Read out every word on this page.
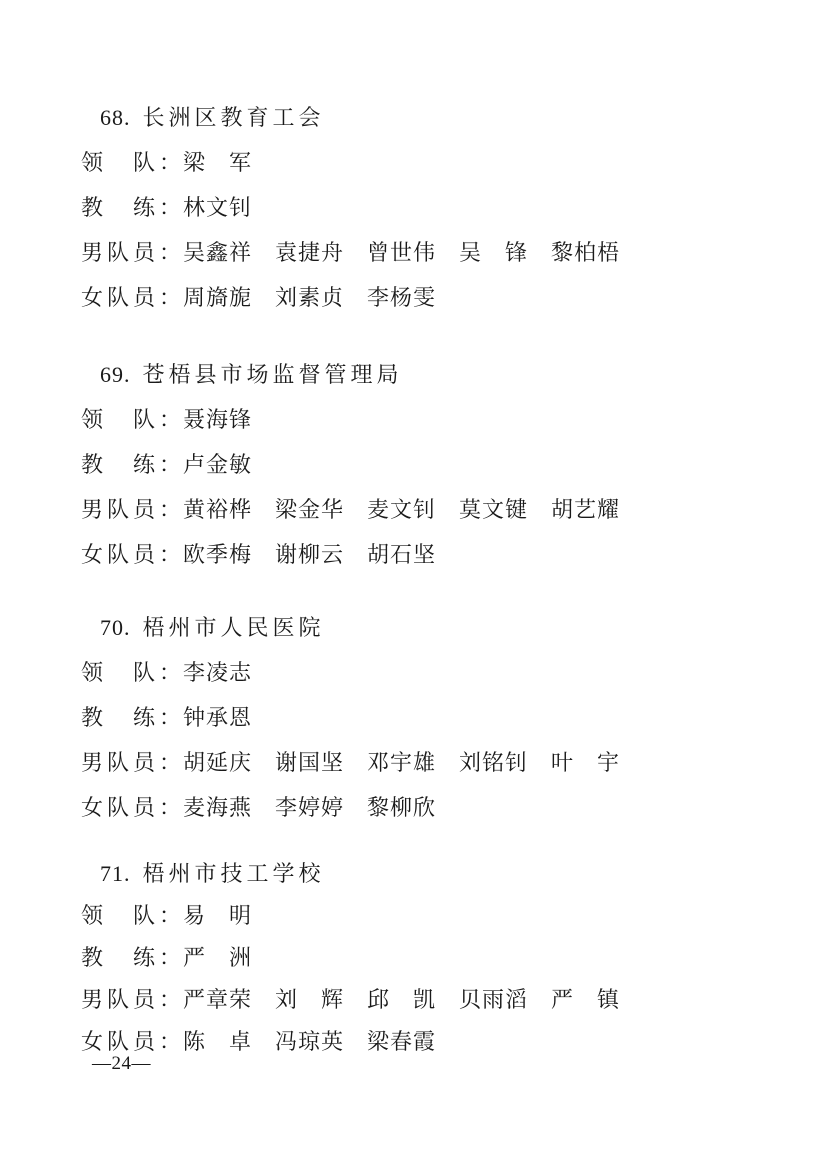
68. 长洲区教育工会
领　队：梁　军
教　练：林文钊
男队员：吴鑫祥　袁捷舟　曾世伟　吴　锋　黎柏梧
女队员：周旖旎　刘素贞　李杨雯
69. 苍梧县市场监督管理局
领　队：聂海锋
教　练：卢金敏
男队员：黄裕桦　梁金华　麦文钊　莫文键　胡艺耀
女队员：欧季梅　谢柳云　胡石坚
70. 梧州市人民医院
领　队：李凌志
教　练：钟承恩
男队员：胡延庆　谢国坚　邓宇雄　刘铭钊　叶　宇
女队员：麦海燕　李婷婷　黎柳欣
71. 梧州市技工学校
领　队：易　明
教　练：严　洲
男队员：严章荣　刘　辉　邱　凯　贝雨滔　严　镇
女队员：陈　卓　冯琼英　梁春霞
—24—
